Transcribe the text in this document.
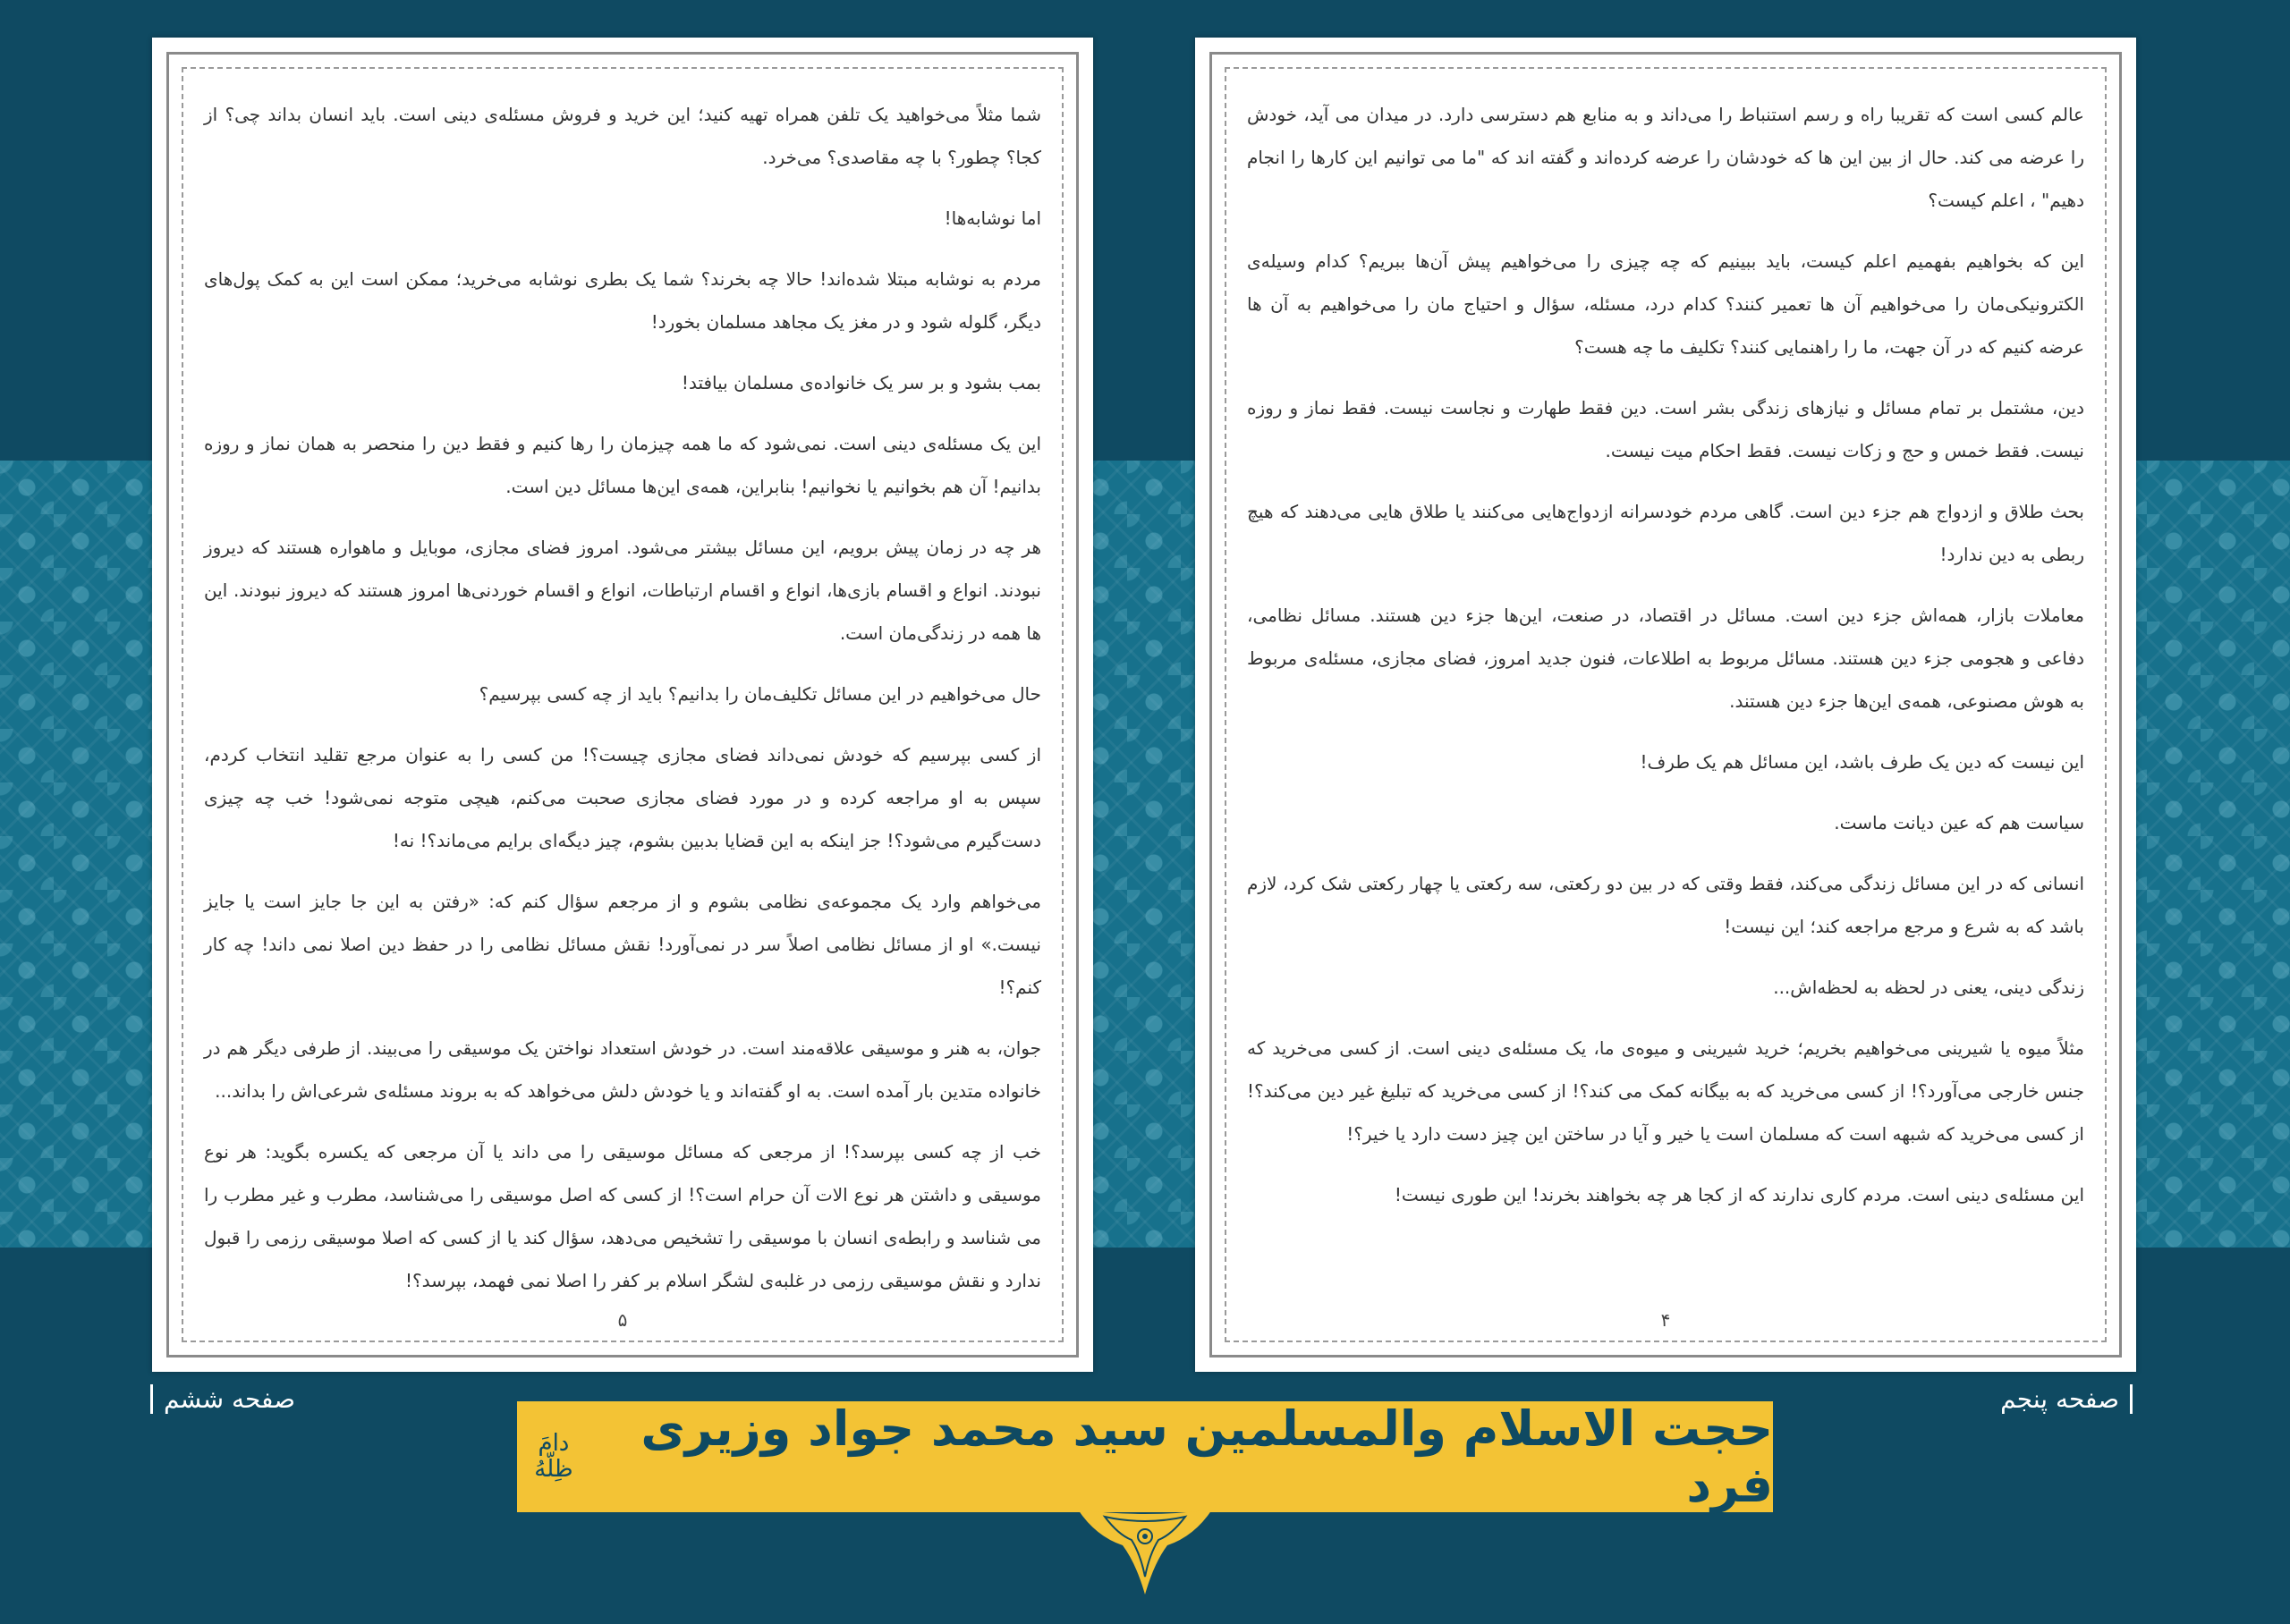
شما مثلاً می‌خواهید یک تلفن همراه تهیه کنید؛ این خرید و فروش مسئله‌ی دینی است. باید انسان بداند چی؟ از کجا؟ چطور؟ با چه مقاصدی؟ می‌خرد.

اما نوشابه‌ها!

مردم به نوشابه مبتلا شده‌اند! حالا چه بخرند؟ شما یک بطری نوشابه می‌خرید؛ ممکن است این به کمک پول‌های دیگر، گلوله شود و در مغز یک مجاهد مسلمان بخورد!

بمب بشود و بر سر یک خانواده‌ی مسلمان بیافتد!

این یک مسئله‌ی دینی است. نمی‌شود که ما همه چیزمان را رها کنیم و فقط دین را منحصر به همان نماز و روزه بدانیم! آن هم بخوانیم یا نخوانیم! بنابراین، همه‌ی این‌ها مسائل دین است.

هر چه در زمان پیش برویم، این مسائل بیشتر می‌شود. امروز فضای مجازی، موبایل و ماهواره هستند که دیروز نبودند. انواع و اقسام بازی‌ها، انواع و اقسام ارتباطات، انواع و اقسام خوردنی‌ها امروز هستند که دیروز نبودند. این ها همه در زندگی‌مان است.

حال می‌خواهیم در این مسائل تکلیف‌مان را بدانیم؟ باید از چه کسی بپرسیم؟

از کسی بپرسیم که خودش نمی‌داند فضای مجازی چیست؟! من کسی را به عنوان مرجع تقلید انتخاب کردم، سپس به او مراجعه کرده و در مورد فضای مجازی صحبت می‌کنم، هیچی متوجه نمی‌شود! خب چه چیزی دست‌گیرم می‌شود؟! جز اینکه به این قضایا بدبین بشوم، چیز دیگه‌ای برایم می‌ماند؟! نه!

می‌خواهم وارد یک مجموعه‌ی نظامی بشوم و از مرجعم سؤال کنم که: «رفتن به این جا جایز است یا جایز نیست.» او از مسائل نظامی اصلاً سر در نمی‌آورد! نقش مسائل نظامی را در حفظ دین اصلا نمی داند! چه کار کنم؟!

جوان، به هنر و موسیقی علاقه‌مند است. در خودش استعداد نواختن یک موسیقی را می‌بیند. از طرفی دیگر هم در خانواده متدین بار آمده است. به او گفته‌اند و یا خودش دلش می‌خواهد که به بروند مسئله‌ی شرعی‌اش را بداند...

خب از چه کسی بپرسد؟! از مرجعی که مسائل موسیقی را می داند یا آن مرجعی که یکسره بگوید: هر نوع موسیقی و داشتن هر نوع الات آن حرام است؟! از کسی که اصل موسیقی را می‌شناسد، مطرب و غیر مطرب را می شناسد و رابطه‌ی انسان با موسیقی را تشخیص می‌دهد، سؤال کند یا از کسی که اصلا موسیقی رزمی را قبول ندارد و نقش موسیقی رزمی در غلبه‌ی لشگر اسلام بر کفر را اصلا نمی فهمد، بپرسد؟!

۵

عالم کسی است که تقریبا راه و رسم استنباط را می‌داند و به منابع هم دسترسی دارد. در میدان می آید، خودش را عرضه می کند. حال از بین این ها که خودشان را عرضه کرده‌اند و گفته اند که "ما می توانیم این کارها را انجام دهیم" ، اعلم کیست؟

این که بخواهیم بفهمیم اعلم کیست، باید ببینیم که چه چیزی را می‌خواهیم پیش آن‌ها ببریم؟ کدام وسیله‌ی الکترونیکی‌مان را می‌خواهیم آن ها تعمیر کنند؟ کدام درد، مسئله، سؤال و احتیاج مان را می‌خواهیم به آن ها عرضه کنیم که در آن جهت، ما را راهنمایی کنند؟ تکلیف ما چه هست؟

دین، مشتمل بر تمام مسائل و نیازهای زندگی بشر است. دین فقط طهارت و نجاست نیست. فقط نماز و روزه نیست. فقط خمس و حج و زکات نیست. فقط احکام میت نیست.

بحث طلاق و ازدواج هم جزء دین است. گاهی مردم خودسرانه ازدواج‌هایی می‌کنند یا طلاق هایی می‌دهند که هیچ ربطی به دین ندارد!

معاملات بازار، همه‌اش جزء دین است. مسائل در اقتصاد، در صنعت، این‌ها جزء دین هستند. مسائل نظامی، دفاعی و هجومی جزء دین هستند. مسائل مربوط به اطلاعات، فنون جدید امروز، فضای مجازی، مسئله‌ی مربوط به هوش مصنوعی، همه‌ی این‌ها جزء دین هستند.

این نیست که دین یک طرف باشد، این مسائل هم یک طرف!

سیاست هم که عین دیانت ماست.

انسانی که در این مسائل زندگی می‌کند، فقط وقتی که در بین دو رکعتی، سه رکعتی یا چهار رکعتی شک کرد، لازم باشد که به شرع و مرجع مراجعه کند؛ این نیست!

زندگی دینی، یعنی در لحظه به لحظه‌اش...

مثلاً میوه یا شیرینی می‌خواهیم بخریم؛ خرید شیرینی و میوه‌ی ما، یک مسئله‌ی دینی است. از کسی می‌خرید که جنس خارجی می‌آورد؟! از کسی می‌خرید که به بیگانه کمک می کند؟! از کسی می‌خرید که تبلیغ غیر دین می‌کند؟! از کسی می‌خرید که شبهه است که مسلمان است یا خیر و آیا در ساختن این چیز دست دارد یا خیر؟!

این مسئله‌ی دینی است. مردم کاری ندارند که از کجا هر چه بخواهند بخرند! این طوری نیست!

۴
صفحه ششم	صفحه پنجم
حجت الاسلام والمسلمین سید محمد جواد وزیری فرد
دامَ ظِلّهُ
